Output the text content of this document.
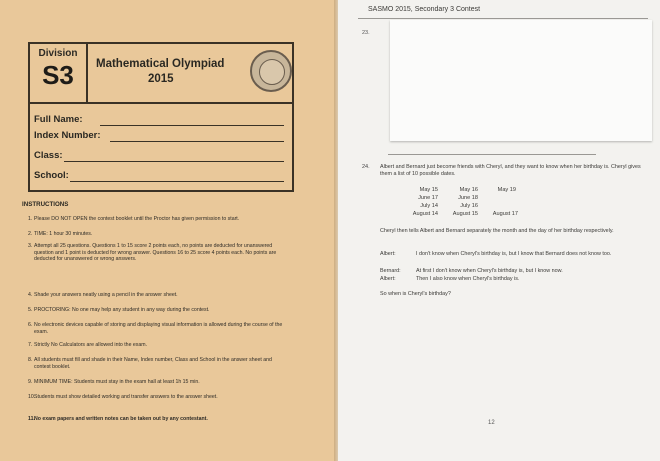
Division
S3	Mathematical Olympiad
2015
Full Name:
Index Number:
Class:
School:
INSTRUCTIONS
1. Please DO NOT OPEN the contest booklet until the Proctor has given permission to start.
2. TIME: 1 hour 30 minutes.
3. Attempt all 25 questions. Questions 1 to 15 score 2 points each, no points are deducted for unanswered question and 1 point is deducted for wrong answer. Questions 16 to 25 score 4 points each. No points are deducted for unanswered or wrong answers.
4. Shade your answers neatly using a pencil in the answer sheet.
5. PROCTORING: No one may help any student in any way during the contest.
6. No electronic devices capable of storing and displaying visual information is allowed during the course of the exam.
7. Strictly No Calculators are allowed into the exam.
8. All students must fill and shade in their Name, Index number, Class and School in the answer sheet and contest booklet.
9. MINIMUM TIME: Students must stay in the exam hall at least 1h 15 min.
10.
Students must show detailed working and transfer answers to the answer sheet.
11. No exam papers and written notes can be taken out by any contestant.
SASMO 2015, Secondary 3 Contest
23.
24. Albert and Bernard just become friends with Cheryl, and they want to know when her birthday is. Cheryl gives them a list of 10 possible dates.
May 15	May 16	May 19
June 17	June 18
July 14	July 16
August 14	August 15	August 17
Cheryl then tells Albert and Bernard separately the month and the day of her birthday respectively.
Albert:	I don't know when Cheryl's birthday is, but I know that Bernard does not know too.
Bernard:	At first I don't know when Cheryl's birthday is, but I know now.
Albert:	Then I also know when Cheryl's birthday is.
So when is Cheryl's birthday?
12
